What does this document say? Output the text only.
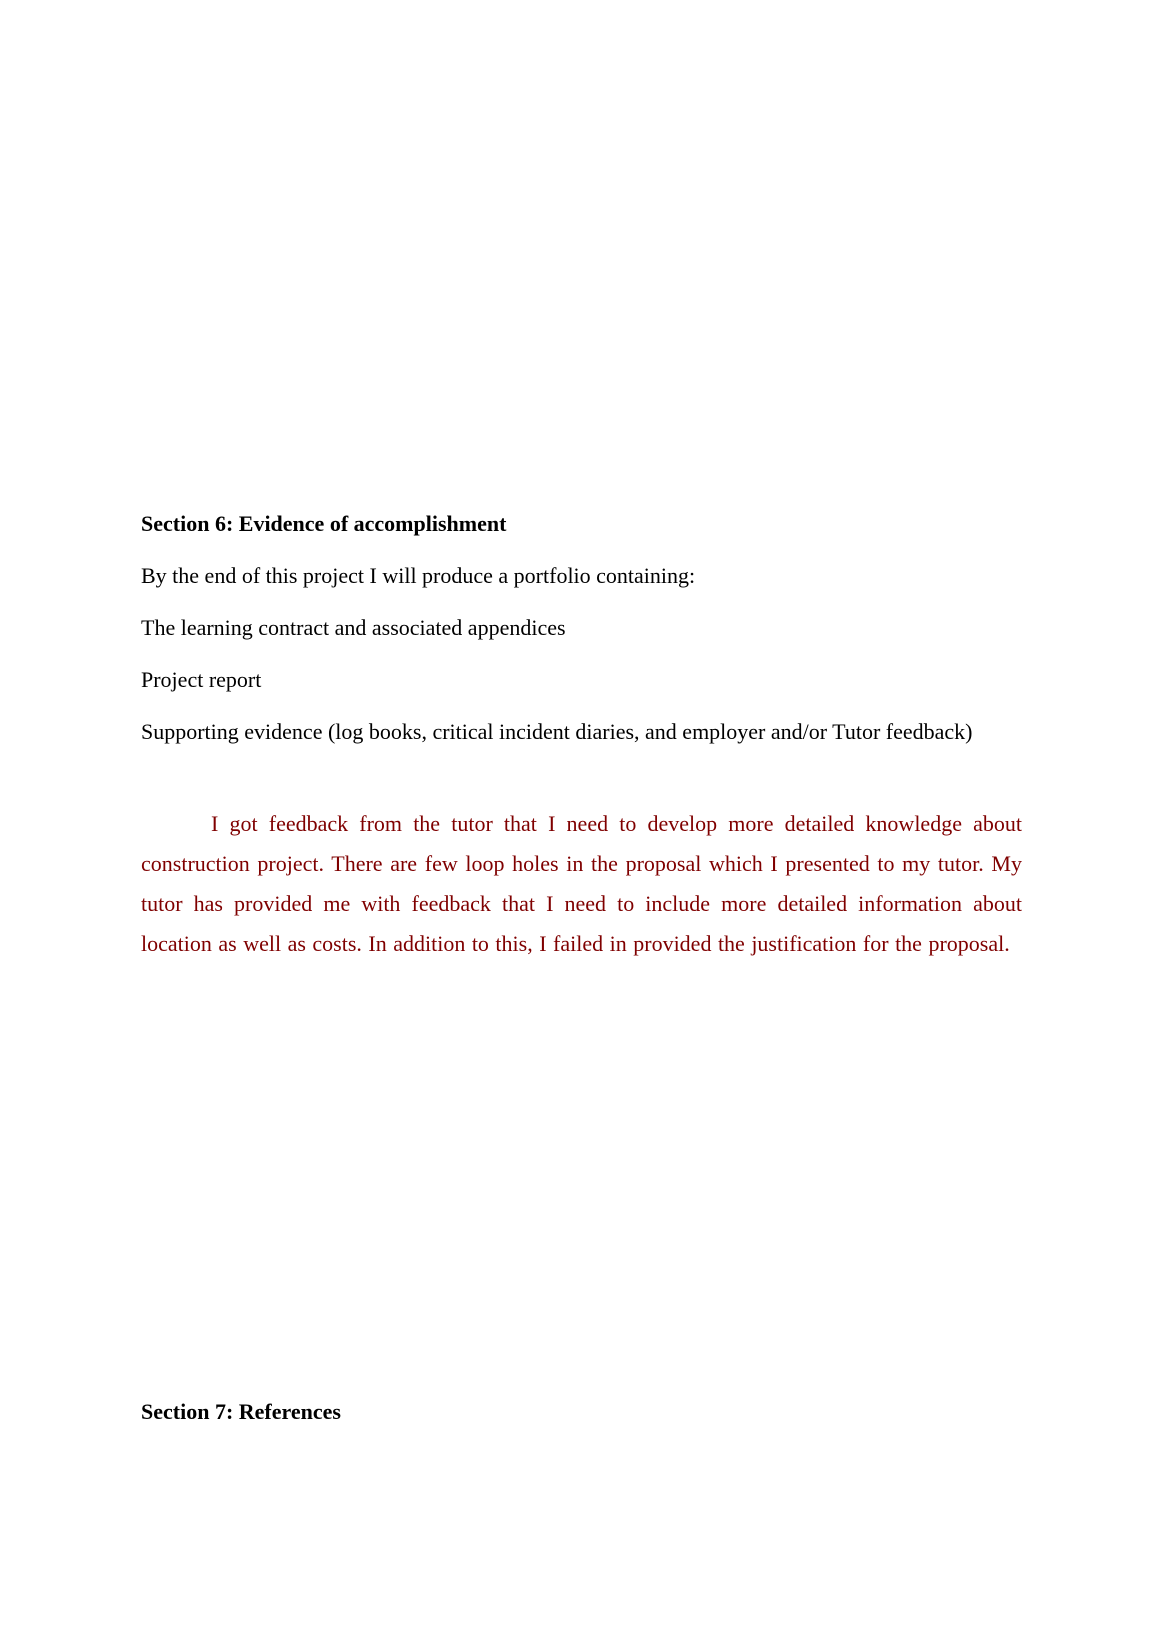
Section 6: Evidence of accomplishment

By the end of this project I will produce a portfolio containing:

The learning contract and associated appendices

Project report

Supporting evidence (log books, critical incident diaries, and employer and/or Tutor feedback)

I got feedback from the tutor that I need to develop more detailed knowledge about construction project. There are few loop holes in the proposal which I presented to my tutor. My tutor has provided me with feedback that I need to include more detailed information about location as well as costs. In addition to this, I failed in provided the justification for the proposal.

Section 7: References
